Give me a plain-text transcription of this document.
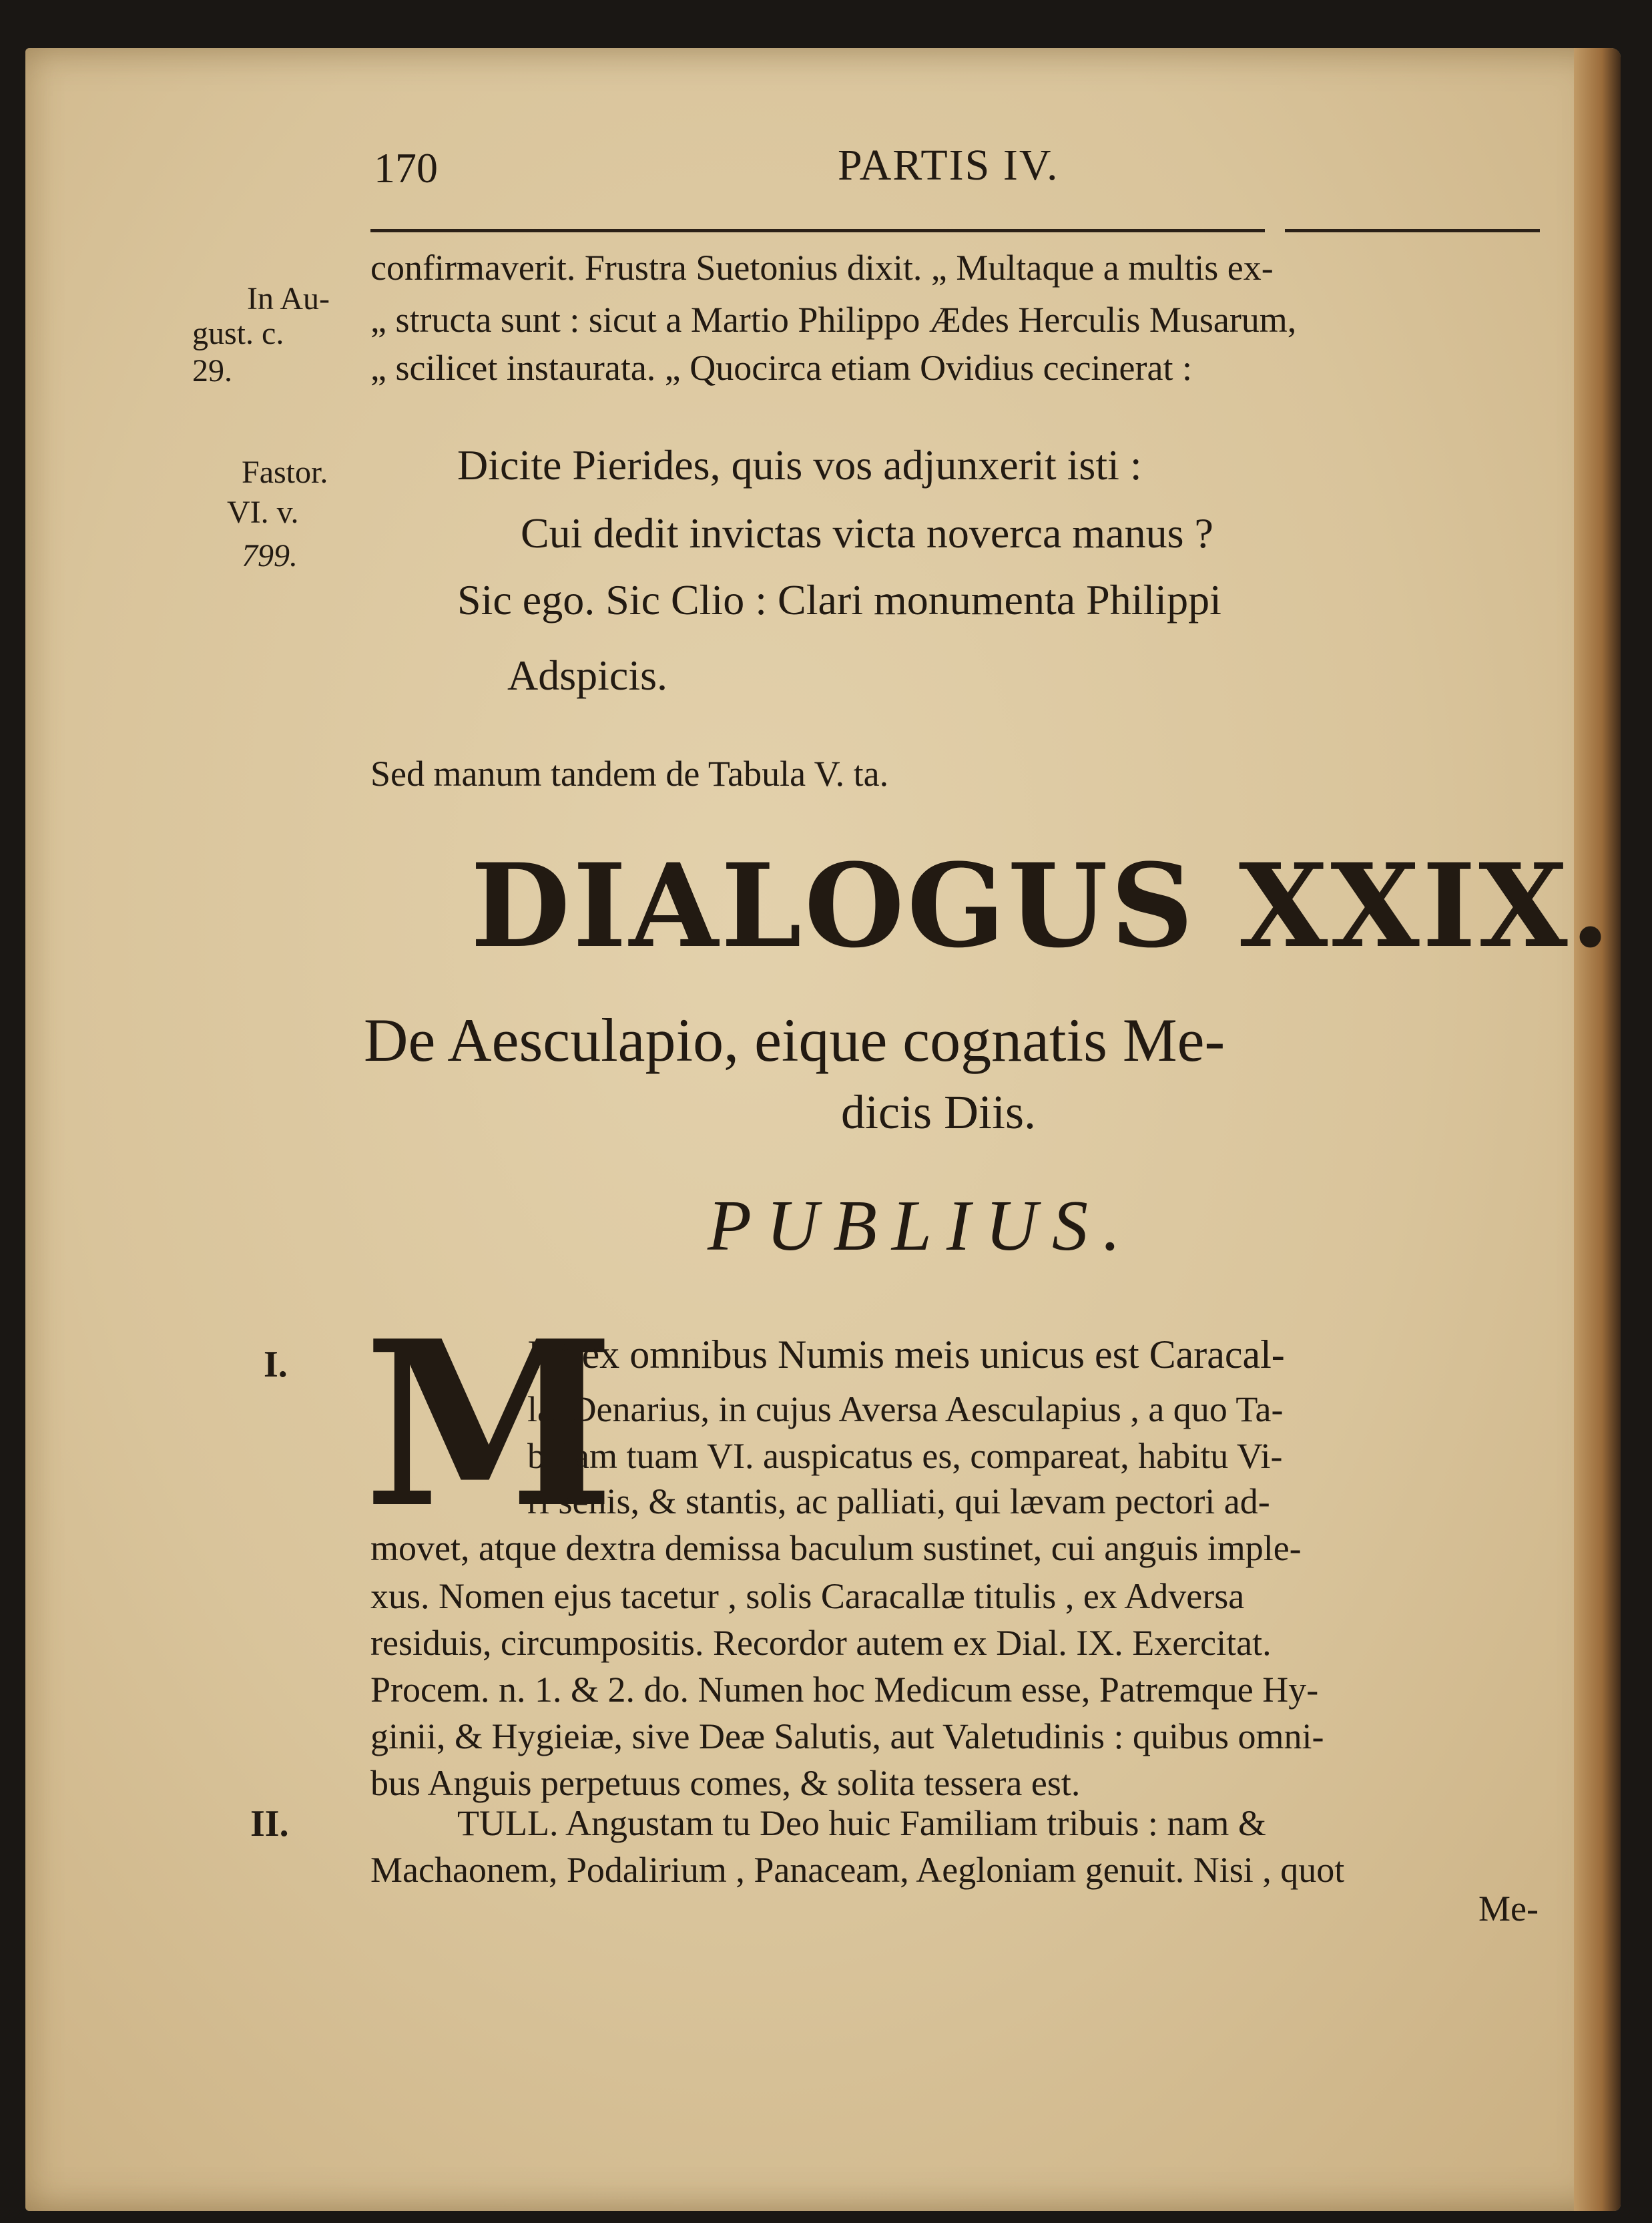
170	PARTIS IV.
In Au-
gust. c.
29.
Fastor.
VI. v.
799.
confirmaverit. Frustra Suetonius dixit. „ Multaque a multis ex-
„ structa sunt : sicut a Martio Philippo Ædes Herculis Musarum,
„ scilicet instaurata. „ Quocirca etiam Ovidius cecinerat :
Dicite Pierides, quis vos adjunxerit isti :
Cui dedit invictas victa noverca manus ?
Sic ego. Sic Clio : Clari monumenta Philippi
Adspicis.
Sed manum tandem de Tabula V. ta.
DIALOGUS XXIX.
De Aesculapio, eique cognatis Me-
dicis Diis.
PUBLIUS.
I. M
Ihi ex omnibus Numis meis unicus est Caracal-
læ Denarius, in cujus Aversa Aesculapius , a quo Ta-
bulam tuam VI. auspicatus es, compareat, habitu Vi-
ri senis, & stantis, ac palliati, qui lævam pectori ad-
movet, atque dextra demissa baculum sustinet, cui anguis imple-
xus. Nomen ejus tacetur , solis Caracallæ titulis , ex Adversa
residuis, circumpositis. Recordor autem ex Dial. IX. Exercitat.
Procem. n. 1. & 2. do. Numen hoc Medicum esse, Patremque Hy-
ginii, & Hygieiæ, sive Deæ Salutis, aut Valetudinis : quibus omni-
bus Anguis perpetuus comes, & solita tessera est.
II.	TULL. Angustam tu Deo huic Familiam tribuis : nam &
Machaonem, Podalirium , Panaceam, Aegloniam genuit. Nisi , quot
Me-
